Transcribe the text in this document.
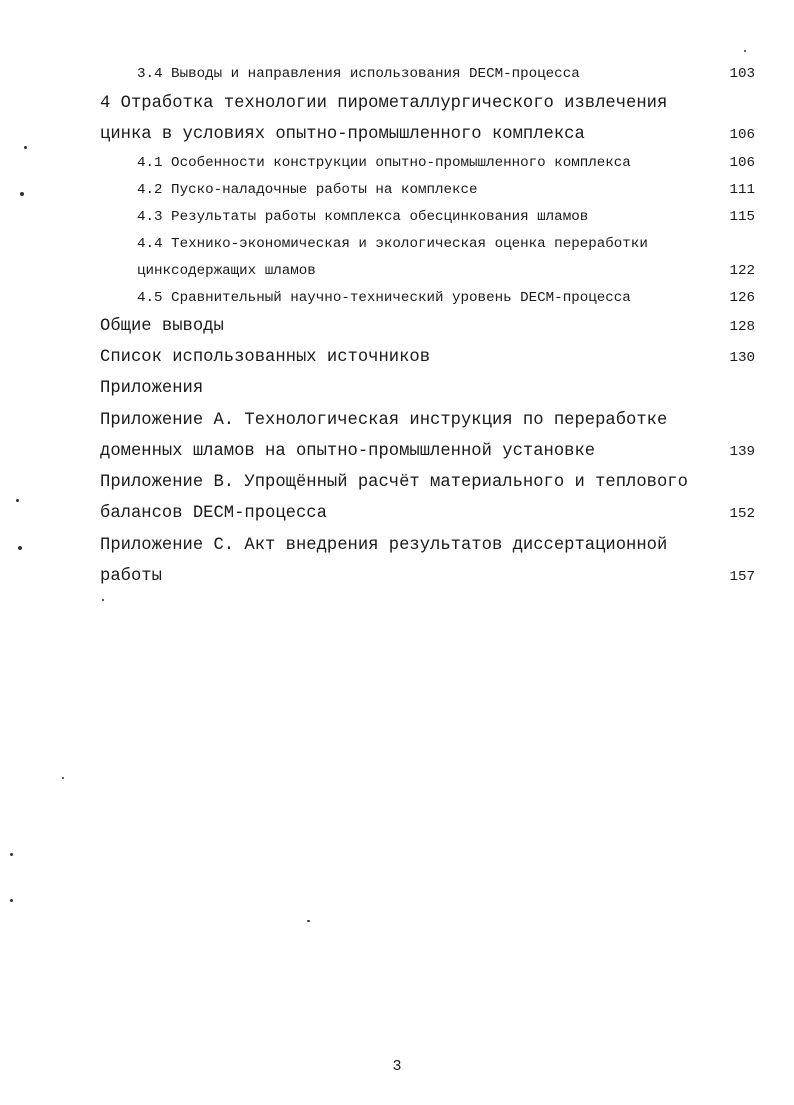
3.4 Выводы и направления использования DECM-процесса	103
4 Отработка технологии пирометаллургического извлечения
цинка в условиях опытно-промышленного комплекса	106
4.1 Особенности конструкции опытно-промышленного комплекса	106
4.2 Пуско-наладочные работы на комплексе	111
4.3 Результаты работы комплекса обесцинкования шламов	115
4.4 Технико-экономическая и экологическая оценка переработки
цинксодержащих шламов	122
4.5 Сравнительный научно-технический уровень DECM-процесса	126
Общие выводы	128
Список использованных источников	130
Приложения
Приложение А. Технологическая инструкция по переработке
доменных шламов на опытно-промышленной установке	139
Приложение В. Упрощённый расчёт материального и теплового
балансов DECM-процесса	152
Приложение С. Акт внедрения результатов диссертационной
работы	157
3
